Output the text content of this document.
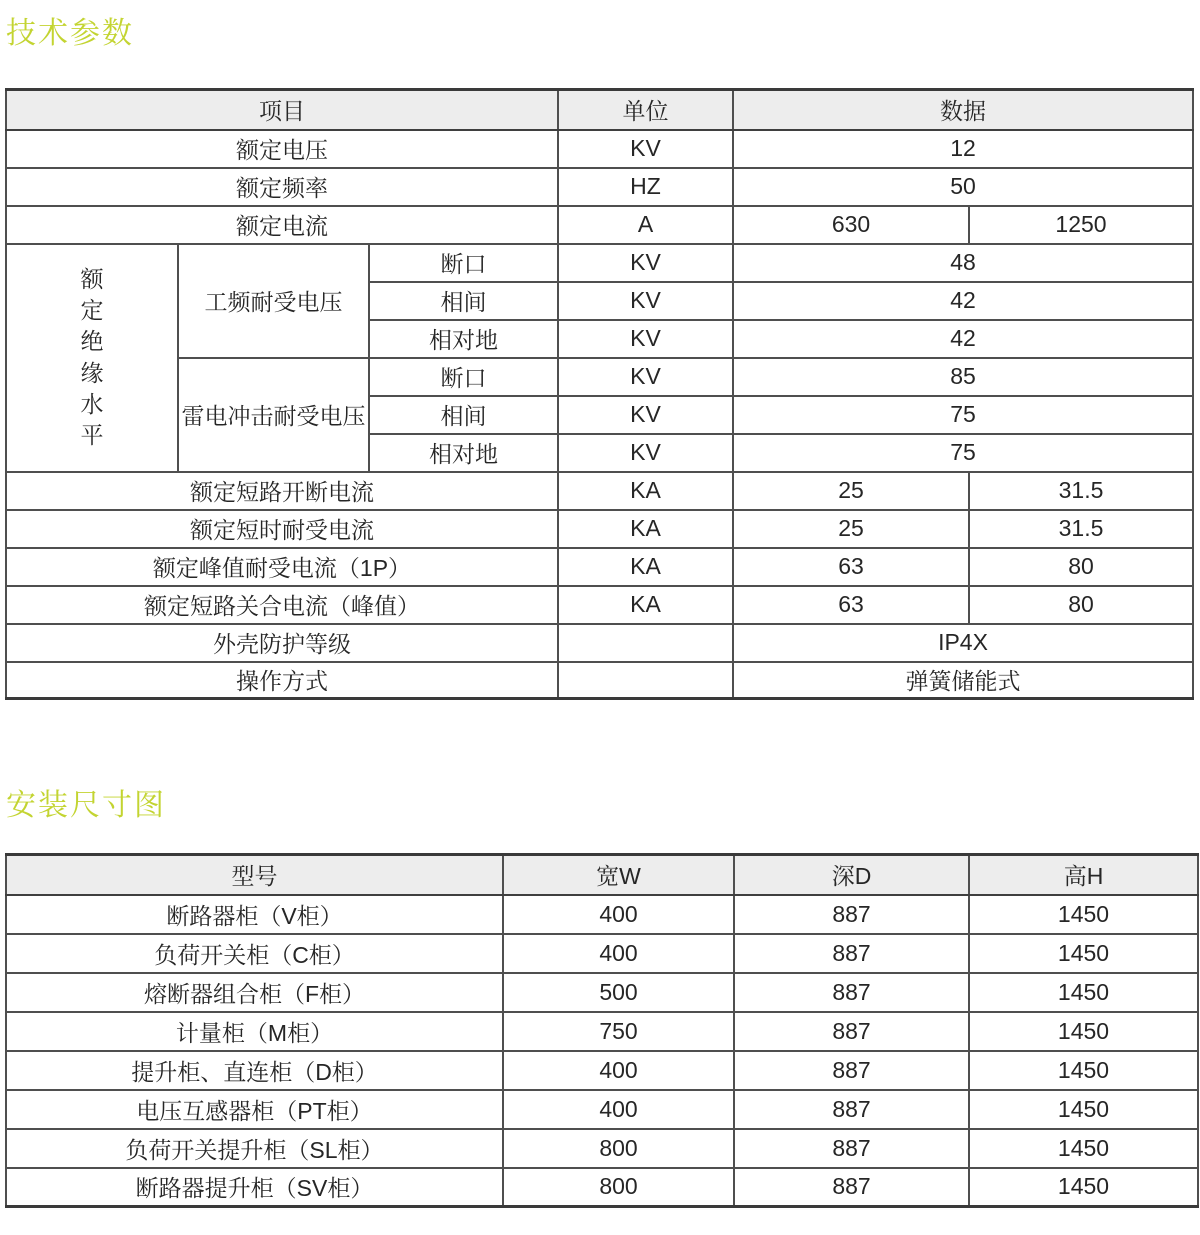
技术参数
项目			单位	数据	
额定电压			KV	12	
额定频率			HZ	50	
额定电流			A	630	1250

额定绝缘水平	工频耐受电压	断口	KV	48	
		相间	KV	42	
		相对地	KV	42	
	雷电冲击耐受电压	断口	KV	85	
		相间	KV	75	
		相对地	KV	75	
额定短路开断电流			KA	25	31.5
额定短时耐受电流			KA	25	31.5
额定峰值耐受电流（1P）			KA	63	80
额定短路关合电流（峰值）			KA	63	80
外壳防护等级				IP4X	
操作方式				弹簧储能式	
安装尺寸图
型号	宽W	深D	高H
断路器柜（V柜）	400	887	1450
负荷开关柜（C柜）	400	887	1450
熔断器组合柜（F柜）	500	887	1450
计量柜（M柜）	750	887	1450
提升柜、直连柜（D柜）	400	887	1450
电压互感器柜（PT柜）	400	887	1450
负荷开关提升柜（SL柜）	800	887	1450
断路器提升柜（SV柜）	800	887	1450
